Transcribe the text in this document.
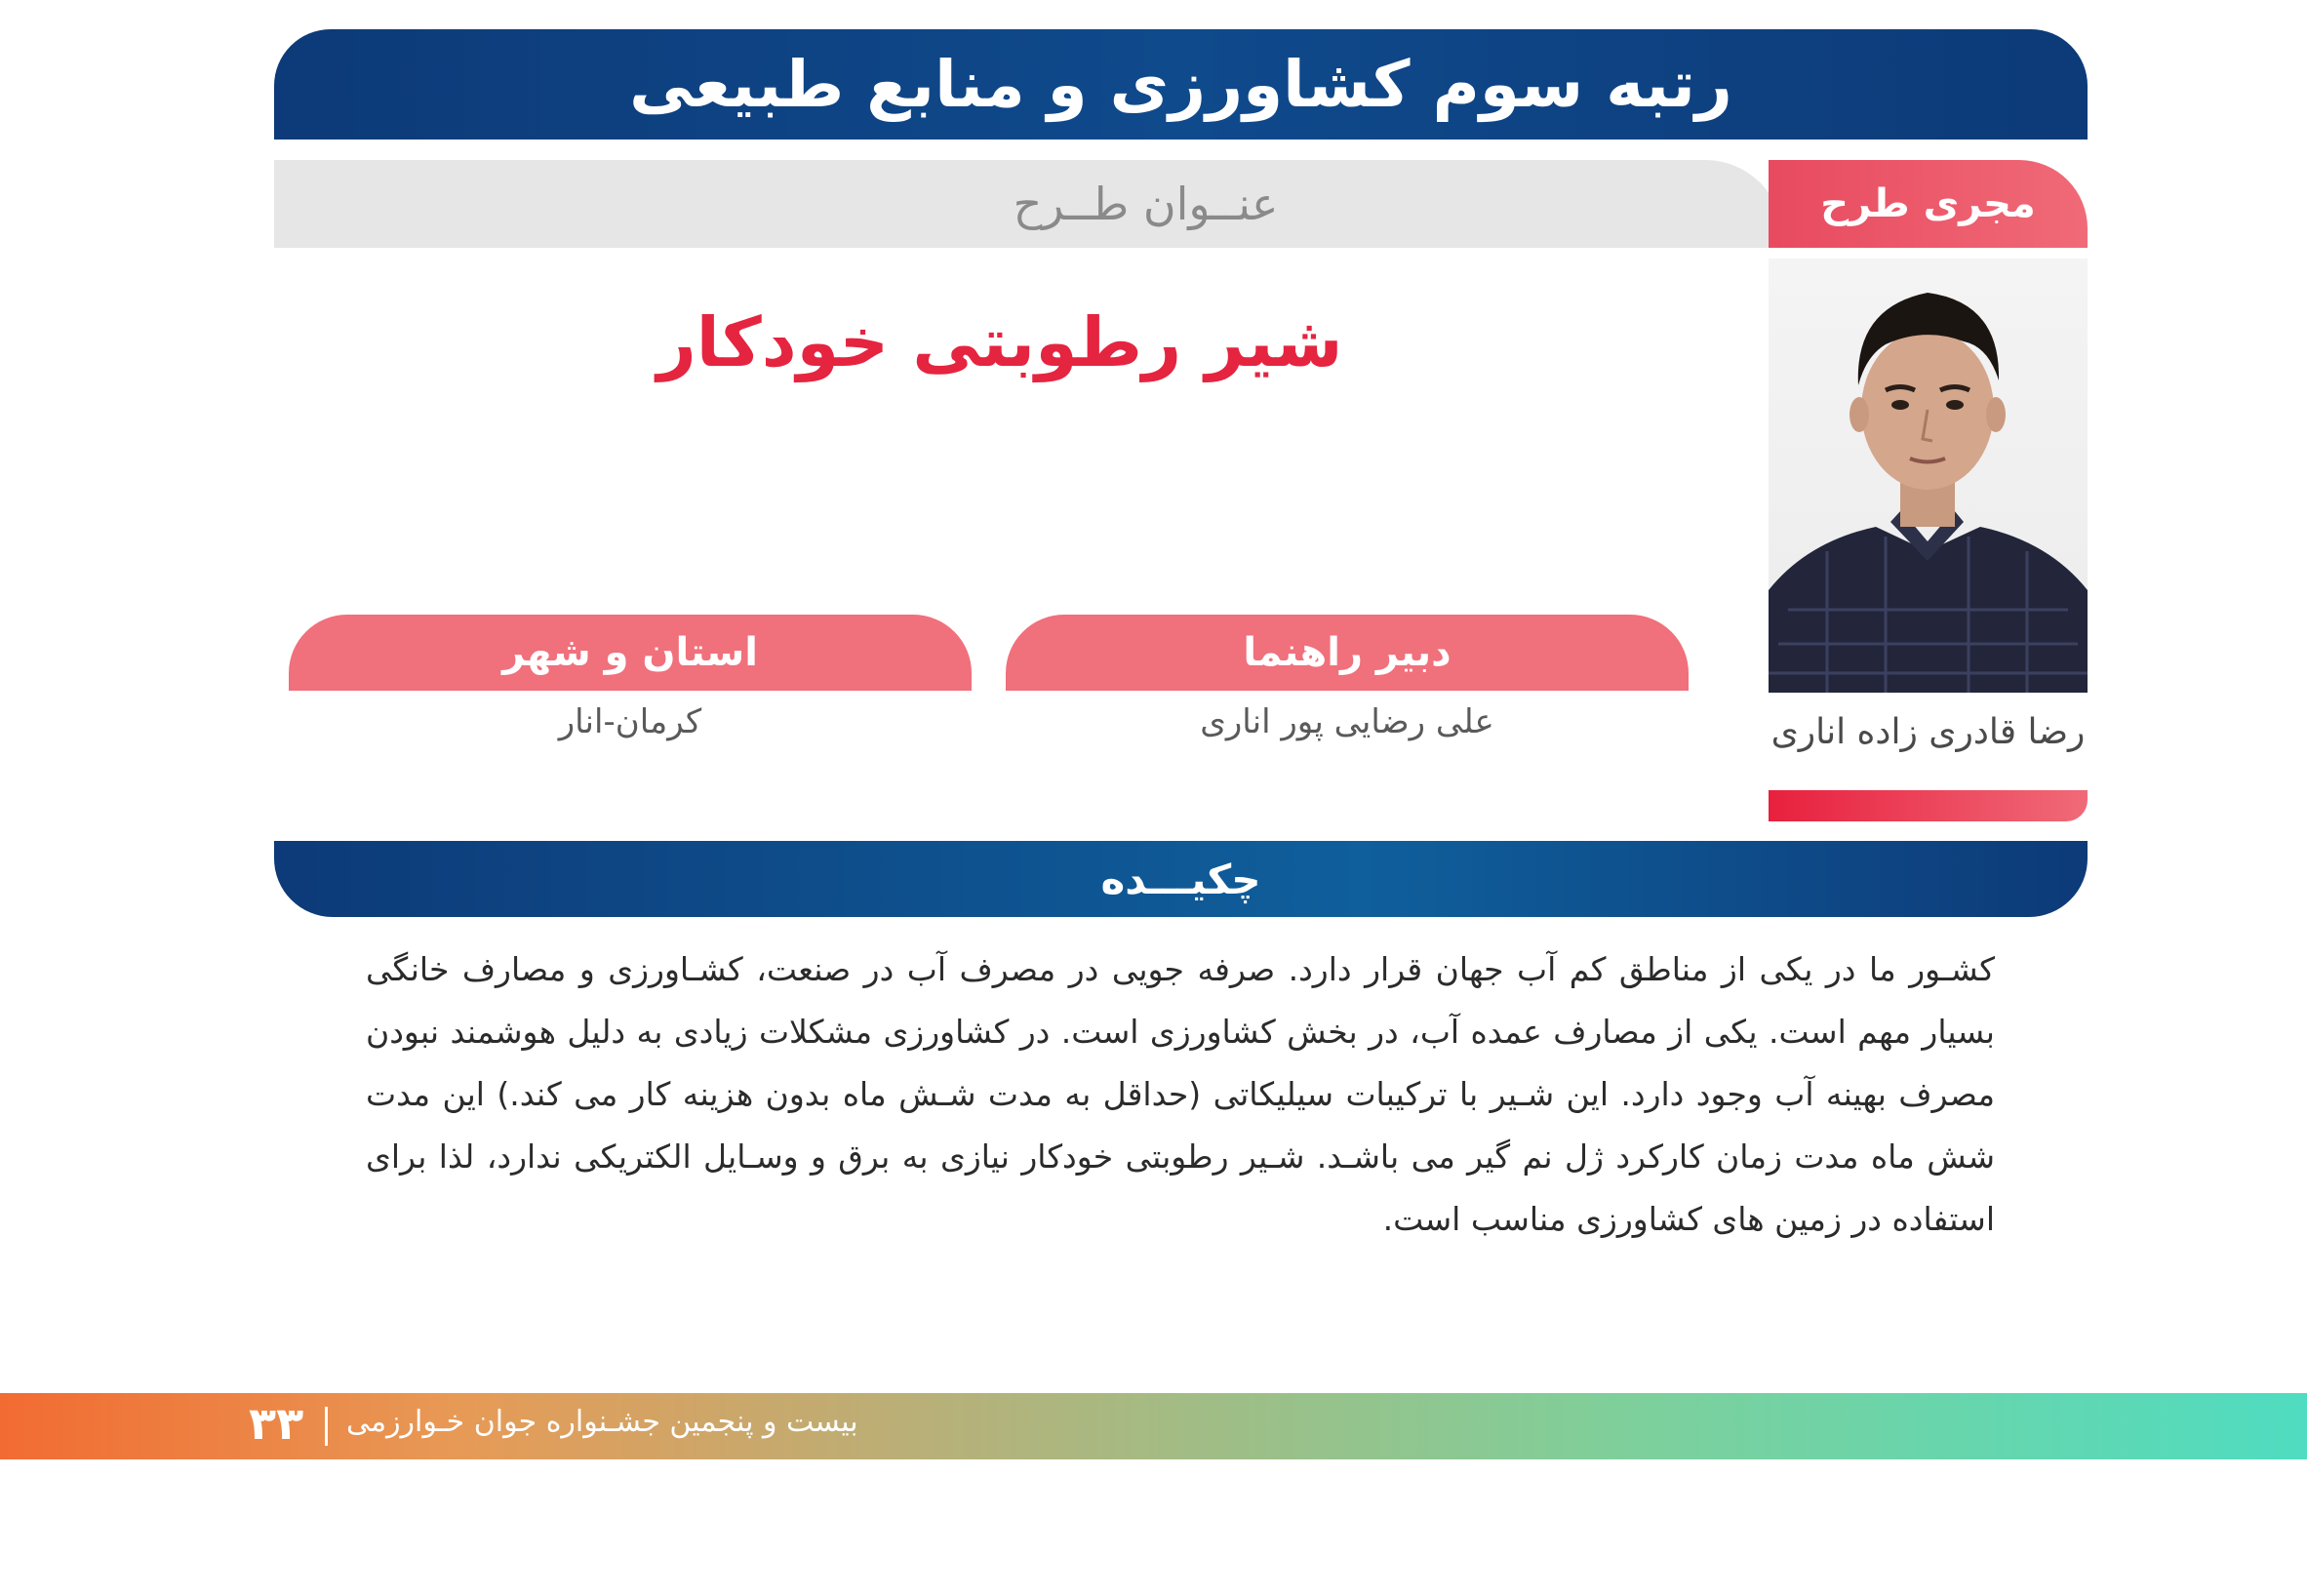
رتبه سوم کشاورزی و منابع طبیعی
عنــوان طــرح	مجری طرح
رضا قادری زاده اناری
شیر رطوبتی خودکار
دبیر راهنما
علی رضایی پور اناری
استان و شهر
کرمان-انار
چکیـــده
کشـور ما در یکی از مناطق کم آب جهان قرار دارد. صرفه جویی در مصرف آب در صنعت، کشـاورزی و مصارف خانگی بسیار مهم است. یکی از مصارف عمده آب، در بخش کشاورزی است. در کشاورزی مشکلات زیادی به دلیل هوشمند نبودن مصرف بهینه آب وجود دارد. این شـیر با ترکیبات سیلیکاتی (حداقل به مدت شـش ماه بدون هزینه کار می کند.) این مدت شش ماه مدت زمان کارکرد ژل نم گیر می باشـد. شـیر رطوبتی خودکار نیازی به برق و وسـایل الکتریکی ندارد، لذا برای استفاده در زمین های کشاورزی مناسب است.
بیست و پنجمین جشـنواره جوان خـوارزمی
۳۳
